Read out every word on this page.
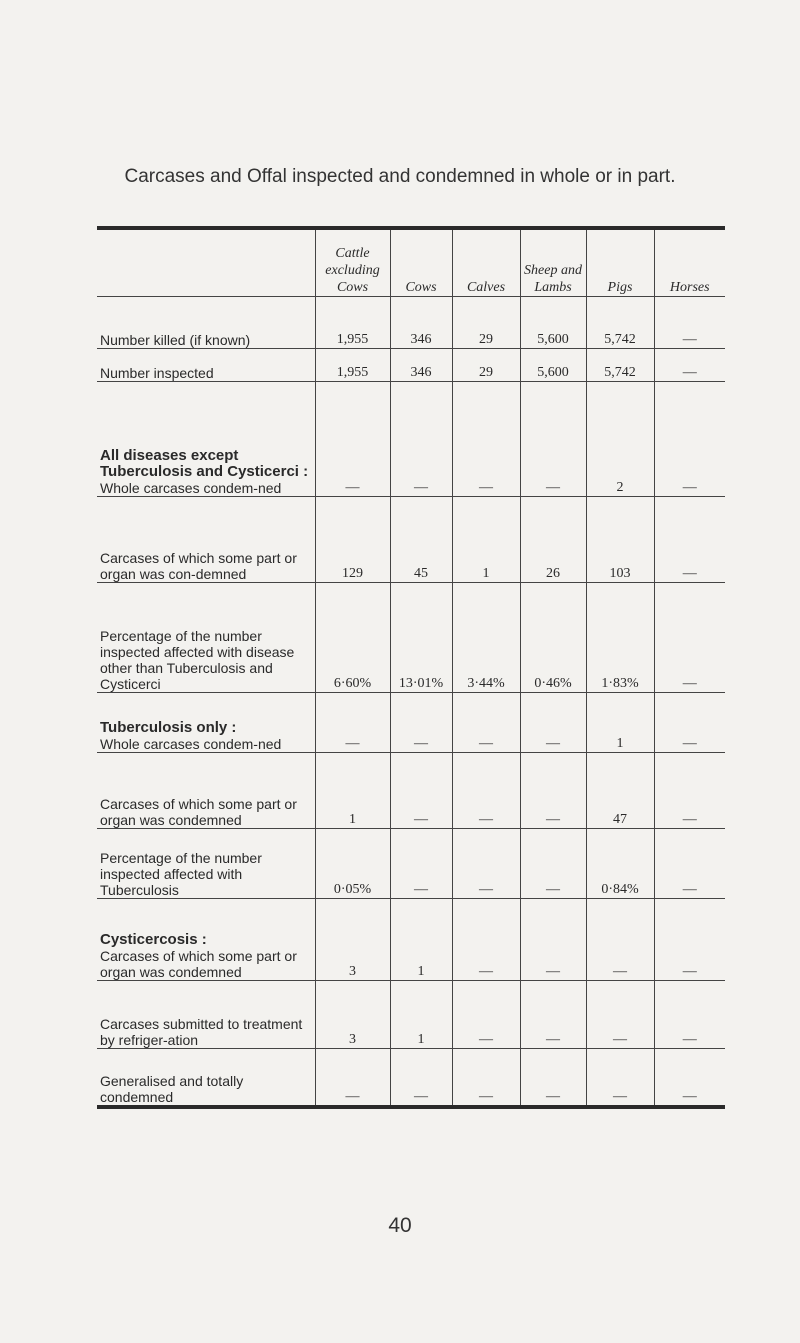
Carcases and Offal inspected and condemned in whole or in part.
	Cattle excluding Cows	Cows	Calves	Sheep and Lambs	Pigs	Horses
Number killed (if known)	1,955	346	29	5,600	5,742	—
Number inspected	1,955	346	29	5,600	5,742	—

All diseases except Tuberculosis and Cysticerci :
Whole carcases condem-ned	—	—	—	—	2	—
Carcases of which some part or organ was con-demned	129	45	1	26	103	—
Percentage of the number inspected affected with disease other than Tuberculosis and Cysticerci	6·60%	13·01%	3·44%	0·46%	1·83%	—

Tuberculosis only :
Whole carcases condem-ned	—	—	—	—	1	—
Carcases of which some part or organ was condemned	1	—	—	—	47	—
Percentage of the number inspected affected with Tuberculosis	0·05%	—	—	—	0·84%	—

Cysticercosis :
Carcases of which some part or organ was condemned	3	1	—	—	—	—
Carcases submitted to treatment by refriger-ation	3	1	—	—	—	—
Generalised and totally condemned	—	—	—	—	—	—
40
